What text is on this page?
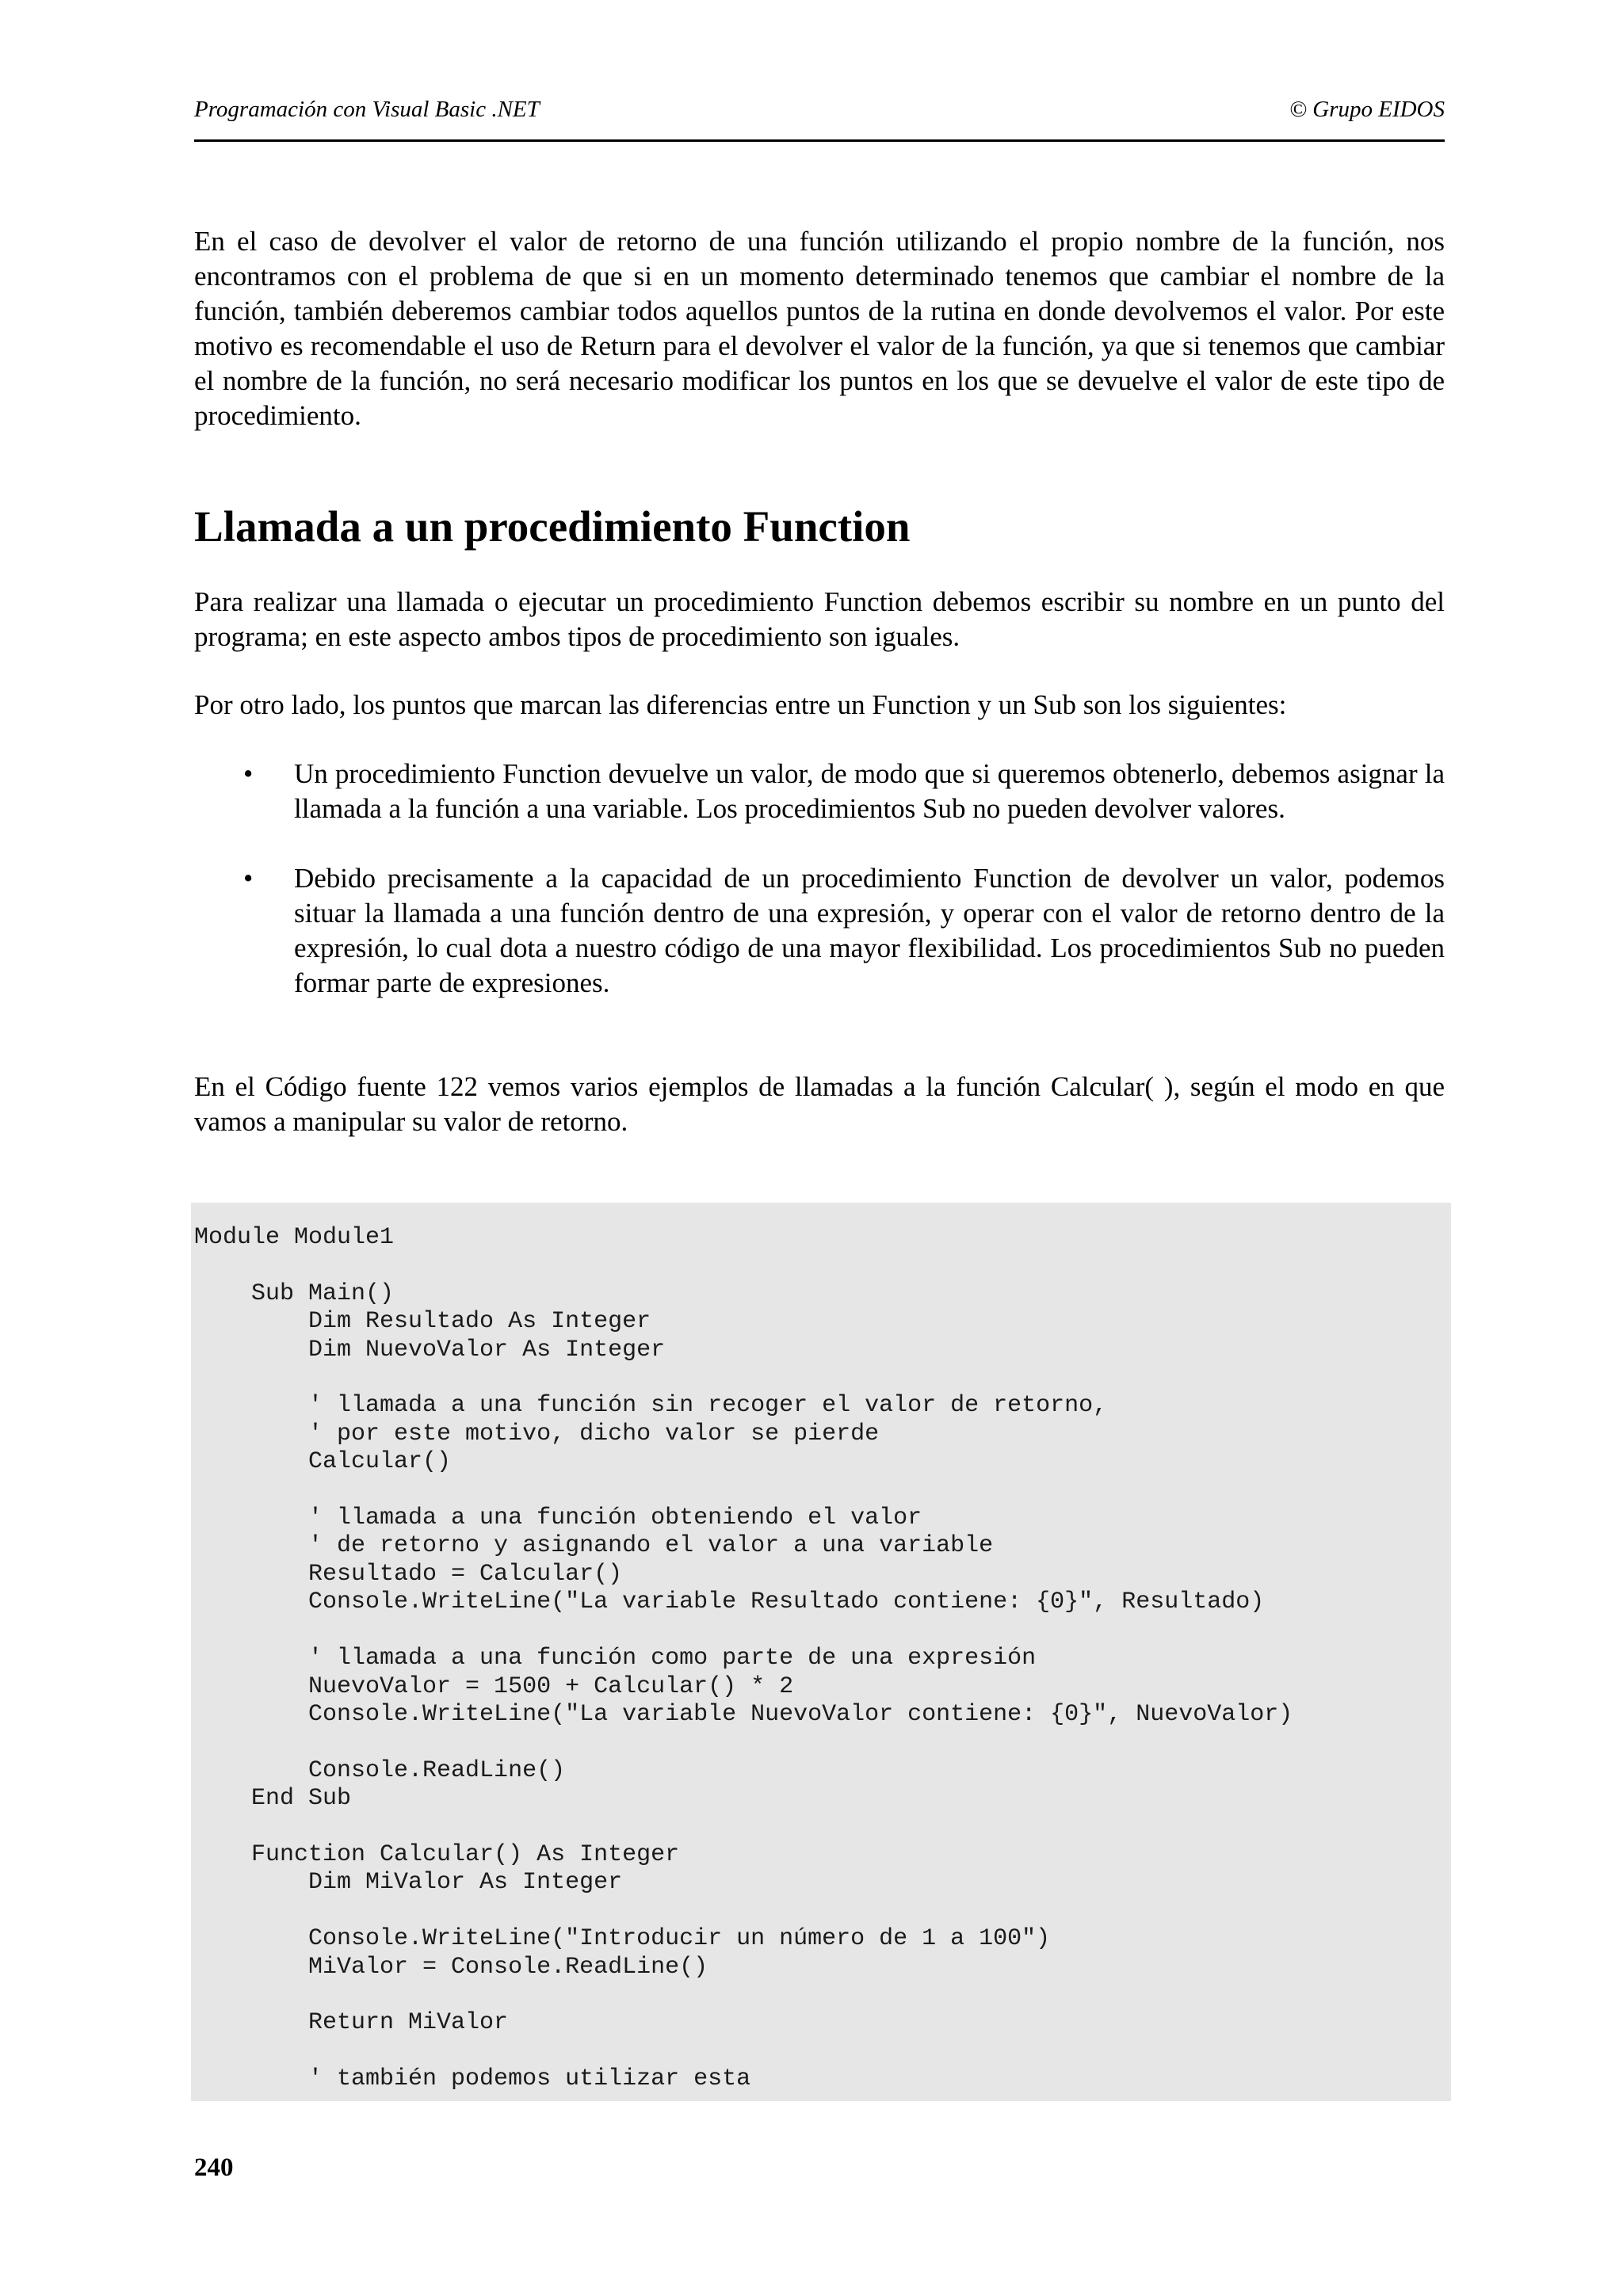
Programación con Visual Basic .NET	© Grupo EIDOS

En el caso de devolver el valor de retorno de una función utilizando el propio nombre de la función, nos encontramos con el problema de que si en un momento determinado tenemos que cambiar el nombre de la función, también deberemos cambiar todos aquellos puntos de la rutina en donde devolvemos el valor. Por este motivo es recomendable el uso de Return para el devolver el valor de la función, ya que si tenemos que cambiar el nombre de la función, no será necesario modificar los puntos en los que se devuelve el valor de este tipo de procedimiento.

Llamada a un procedimiento Function

Para realizar una llamada o ejecutar un procedimiento Function debemos escribir su nombre en un punto del programa; en este aspecto ambos tipos de procedimiento son iguales.

Por otro lado, los puntos que marcan las diferencias entre un Function y un Sub son los siguientes:

• Un procedimiento Function devuelve un valor, de modo que si queremos obtenerlo, debemos asignar la llamada a la función a una variable. Los procedimientos Sub no pueden devolver valores.
• Debido precisamente a la capacidad de un procedimiento Function de devolver un valor, podemos situar la llamada a una función dentro de una expresión, y operar con el valor de retorno dentro de la expresión, lo cual dota a nuestro código de una mayor flexibilidad. Los procedimientos Sub no pueden formar parte de expresiones.

En el Código fuente 122 vemos varios ejemplos de llamadas a la función Calcular( ), según el modo en que vamos a manipular su valor de retorno.

Module Module1

Sub Main()
Dim Resultado As Integer
Dim NuevoValor As Integer

' llamada a una función sin recoger el valor de retorno,
' por este motivo, dicho valor se pierde
Calcular()

' llamada a una función obteniendo el valor
' de retorno y asignando el valor a una variable
Resultado = Calcular()
Console.WriteLine("La variable Resultado contiene: {0}", Resultado)

' llamada a una función como parte de una expresión
NuevoValor = 1500 + Calcular() * 2
Console.WriteLine("La variable NuevoValor contiene: {0}", NuevoValor)

Console.ReadLine()
End Sub

Function Calcular() As Integer
Dim MiValor As Integer

Console.WriteLine("Introducir un número de 1 a 100")
MiValor = Console.ReadLine()

Return MiValor

' también podemos utilizar esta
240
